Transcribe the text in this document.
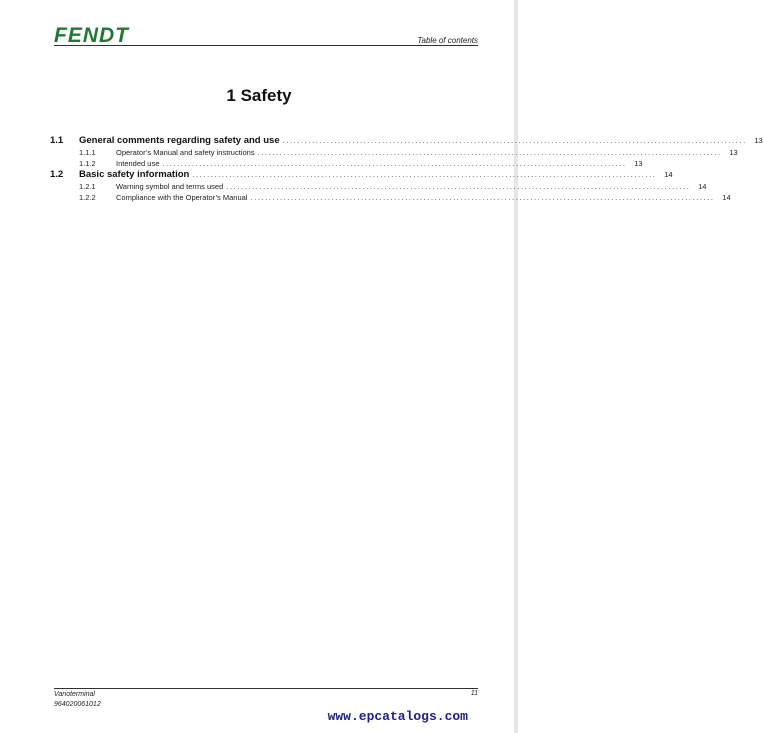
FENDT	Table of contents
1 Safety
1.1	General comments regarding safety and use ..............................................................................................................................	13
1.1.1	Operator’s Manual and safety instructions ..............................................................................................................................	13
1.1.2	Intended use ..............................................................................................................................	13
1.2	Basic safety information ..............................................................................................................................	14
1.2.1	Warning symbol and terms used ..............................................................................................................................	14
1.2.2	Compliance with the Operator’s Manual ..............................................................................................................................	14
Varioterminal
964020061012
11
www.epcatalogs.com
